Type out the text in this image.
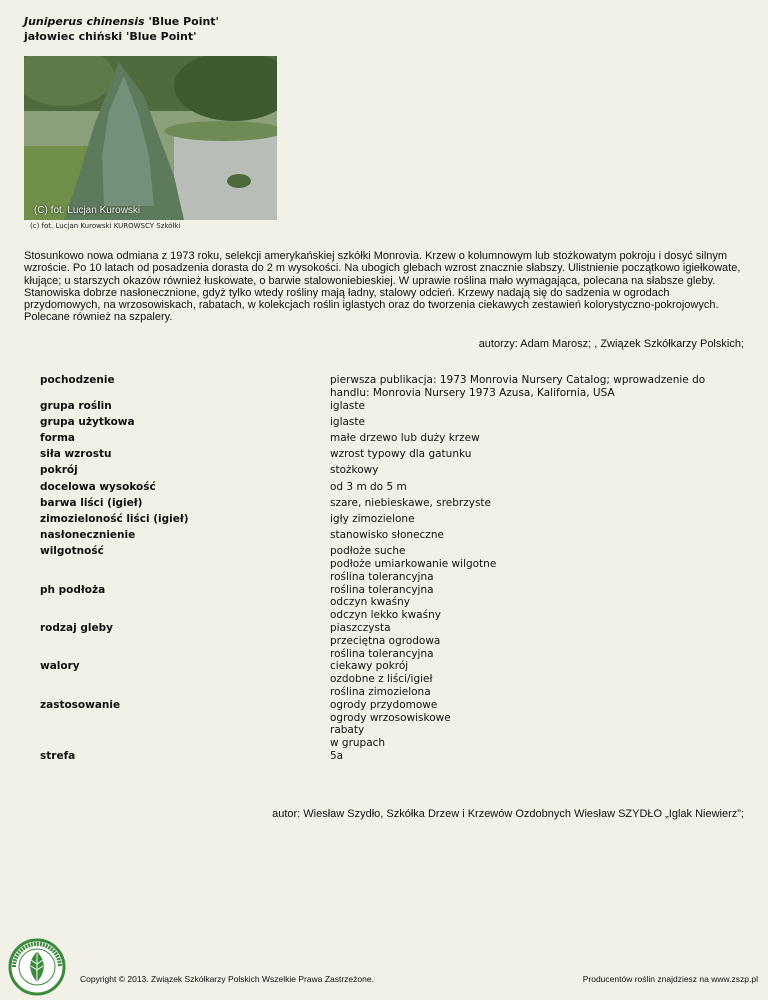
Juniperus chinensis 'Blue Point'
jałowiec chiński 'Blue Point'
(C) fot. Lucjan Kurowski
(c) fot. Lucjan Kurowski KUROWSCY Szkółki

Stosunkowo nowa odmiana z 1973 roku, selekcji amerykańskiej szkółki Monrovia. Krzew o kolumnowym lub stożkowatym pokroju i dosyć silnym wzroście. Po 10 latach od posadzenia dorasta do 2 m wysokości. Na ubogich glebach wzrost znacznie słabszy. Ulistnienie początkowo igiełkowate, kłujące; u starszych okazów również łuskowate, o barwie stalowoniebieskiej. W uprawie roślina mało wymagająca, polecana na słabsze gleby. Stanowiska dobrze nasłonecznione, gdyż tylko wtedy rośliny mają ładny, stalowy odcień. Krzewy nadają się do sadzenia w ogrodach przydomowych, na wrzosowiskach, rabatach, w kolekcjach roślin iglastych oraz do tworzenia ciekawych zestawień kolorystyczno-pokrojowych. Polecane również na szpalery.

autorzy: Adam Marosz; , Związek Szkółkarzy Polskich;
pochodzenie	pierwsza publikacja: 1973 Monrovia Nursery Catalog; wprowadzenie do
handlu: Monrovia Nursery 1973 Azusa, Kalifornia, USA

grupa roślin	iglaste

grupa użytkowa	iglaste

forma	małe drzewo lub duży krzew

siła wzrostu	wzrost typowy dla gatunku

pokrój	stożkowy

docelowa wysokość	od 3 m do 5 m

barwa liści (igieł)	szare, niebieskawe, srebrzyste

zimozieloność liści (igieł)	igły zimozielone

nasłonecznienie	stanowisko słoneczne

wilgotność	podłoże suche
podłoże umiarkowanie wilgotne
roślina tolerancyjna

ph podłoża	roślina tolerancyjna
odczyn kwaśny
odczyn lekko kwaśny

rodzaj gleby	piaszczysta
przeciętna ogrodowa
roślina tolerancyjna

walory	ciekawy pokrój
ozdobne z liści/igieł
roślina zimozielona

zastosowanie	ogrody przydomowe
ogrody wrzosowiskowe
rabaty
w grupach

strefa	5a
autor: Wiesław Szydło, Szkółka Drzew i Krzewów Ozdobnych Wiesław SZYDŁO „Iglak Niewierz”;
Copyright © 2013. Związek Szkółkarzy Polskich Wszelkie Prawa Zastrzeżone.	Producentów roślin znajdziesz na www.zszp.pl
